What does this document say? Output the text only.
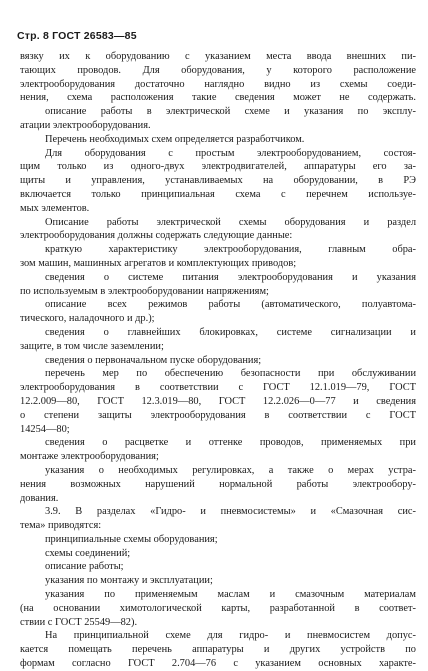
Стр. 8 ГОСТ 26583—85
вязку их к оборудованию с указанием места ввода внешних пи-
тающих проводов. Для оборудования, у которого расположение
электрооборудования достаточно наглядно видно из схемы соеди-
нения, схема расположения такие сведения может не содержать.
описание работы в электрической схеме и указания по эксплу-
атации электрооборудования.
Перечень необходимых схем определяется разработчиком.
Для оборудования с простым электрооборудованием, состоя-
щим только из одного-двух электродвигателей, аппаратуры его за-
щиты и управления, устанавливаемых на оборудовании, в РЭ
включается только принципиальная схема с перечнем используе-
мых элементов.
Описание работы электрической схемы оборудования и раздел
электрооборудования должны содержать следующие данные:
краткую характеристику электрооборудования, главным обра-
зом машин, машинных агрегатов и комплектующих приводов;
сведения о системе питания электрооборудования и указания
по используемым в электрооборудовании напряжениям;
описание всех режимов работы (автоматического, полуавтома-
тического, наладочного и др.);
сведения о главнейших блокировках, системе сигнализации и
защите, в том числе заземлении;
сведения о первоначальном пуске оборудования;
перечень мер по обеспечению безопасности при обслуживании
электрооборудования в соответствии с ГОСТ 12.1.019—79, ГОСТ
12.2.009—80, ГОСТ 12.3.019—80, ГОСТ 12.2.026—0—77 и сведения
о степени защиты электрооборудования в соответствии с ГОСТ
14254—80;
сведения о расцветке и оттенке проводов, применяемых при
монтаже электрооборудования;
указания о необходимых регулировках, а также о мерах устра-
нения возможных нарушений нормальной работы электрообору-
дования.
3.9. В разделах «Гидро- и пневмосистемы» и «Смазочная сис-
тема» приводятся:
принципиальные схемы оборудования;
схемы соединений;
описание работы;
указания по монтажу и эксплуатации;
указания по применяемым маслам и смазочным материалам
(на основании химотологической карты, разработанной в соответ-
ствии с ГОСТ 25549—82).
На принципиальной схеме для гидро- и пневмосистем допус-
кается помещать перечень аппаратуры и других устройств по
формам согласно ГОСТ 2.704—76 с указанием основных характе-
